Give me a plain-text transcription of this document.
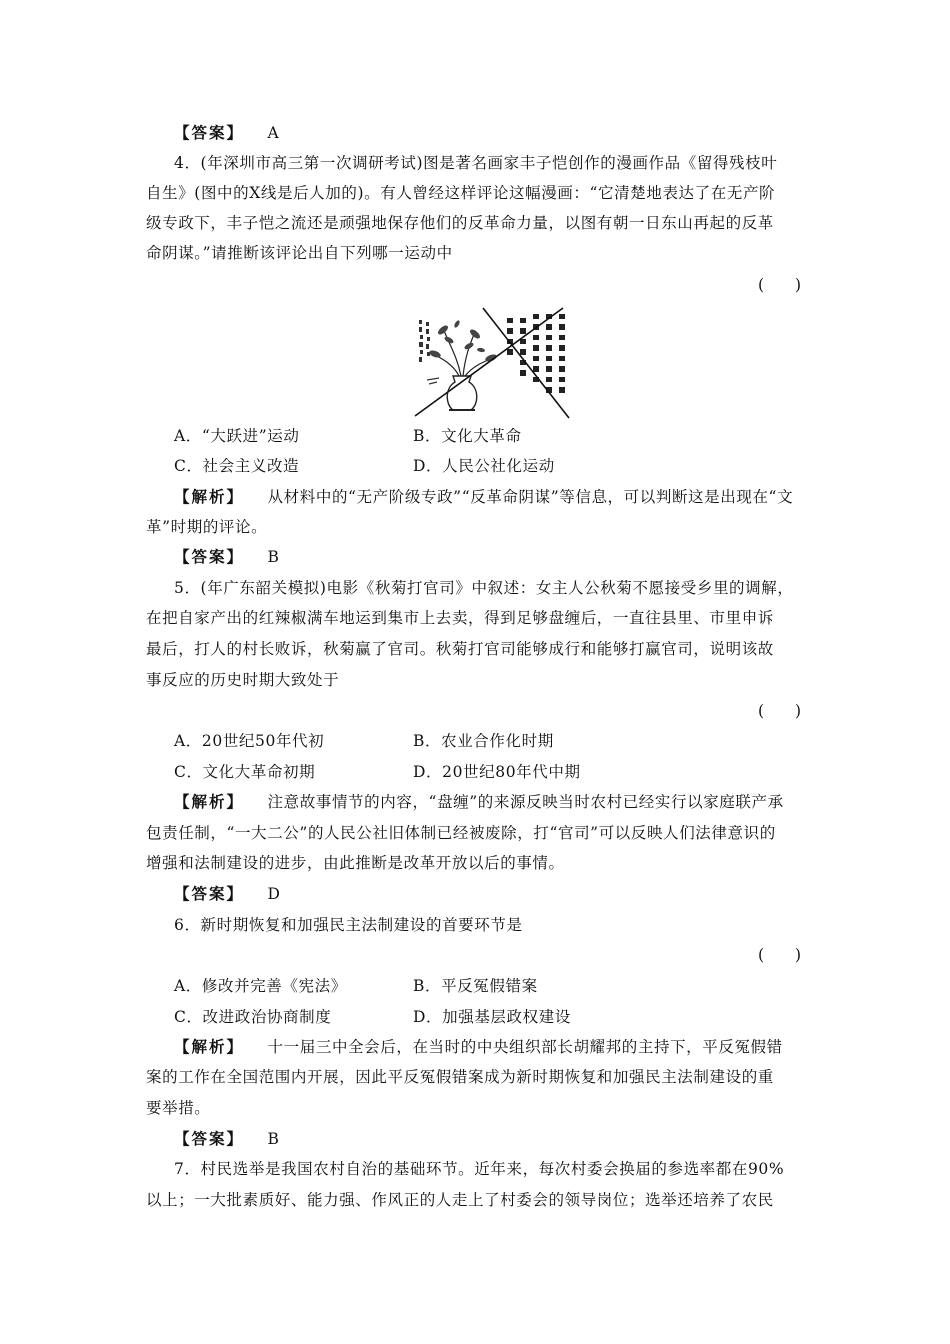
【答案】 A
4．(年深圳市高三第一次调研考试)图是著名画家丰子恺创作的漫画作品《留得残枝叶
自生》(图中的X线是后人加的)。有人曾经这样评论这幅漫画：“它清楚地表达了在无产阶
级专政下，丰子恺之流还是顽强地保存他们的反革命力量，以图有朝一日东山再起的反革
命阴谋。”请推断该评论出自下列哪一运动中
(　　)
A．“大跃进”运动	B．文化大革命
C．社会主义改造	D．人民公社化运动
【解析】 从材料中的“无产阶级专政”“反革命阴谋”等信息，可以判断这是出现在“文
革”时期的评论。
【答案】 B
5．(年广东韶关模拟)电影《秋菊打官司》中叙述：女主人公秋菊不愿接受乡里的调解，
在把自家产出的红辣椒满车地运到集市上去卖，得到足够盘缠后，一直往县里、市里申诉
最后，打人的村长败诉，秋菊赢了官司。秋菊打官司能够成行和能够打赢官司，说明该故
事反应的历史时期大致处于
(　　)
A．20世纪50年代初	B．农业合作化时期
C．文化大革命初期	D．20世纪80年代中期
【解析】 注意故事情节的内容，“盘缠”的来源反映当时农村已经实行以家庭联产承
包责任制，“一大二公”的人民公社旧体制已经被废除，打“官司”可以反映人们法律意识的
增强和法制建设的进步，由此推断是改革开放以后的事情。
【答案】 D
6．新时期恢复和加强民主法制建设的首要环节是
(　　)
A．修改并完善《宪法》	B．平反冤假错案
C．改进政治协商制度	D．加强基层政权建设
【解析】 十一届三中全会后，在当时的中央组织部长胡耀邦的主持下，平反冤假错
案的工作在全国范围内开展，因此平反冤假错案成为新时期恢复和加强民主法制建设的重
要举措。
【答案】 B
7．村民选举是我国农村自治的基础环节。近年来，每次村委会换届的参选率都在90%
以上；一大批素质好、能力强、作风正的人走上了村委会的领导岗位；选举还培养了农民
